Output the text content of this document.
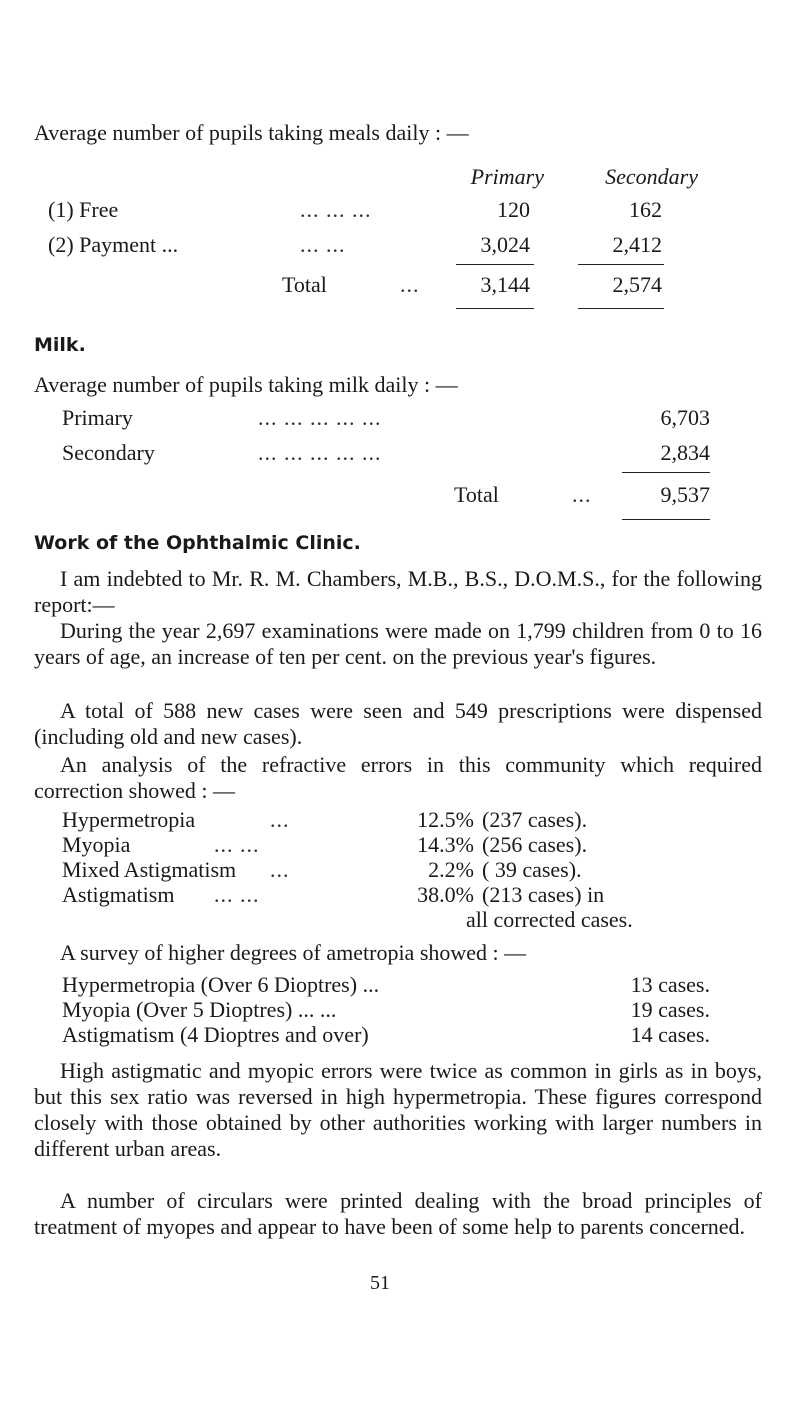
Average number of pupils taking meals daily : —
Primary	Secondary
(1) Free	... ... ...	120	162
(2) Payment ...	... ...	3,024	2,412
Total	...	3,144	2,574
Milk.
Average number of pupils taking milk daily : —
Primary	... ... ... ... ...	6,703
Secondary	... ... ... ... ...	2,834
Total	...	9,537
Work of the Ophthalmic Clinic.

I am indebted to Mr. R. M. Chambers, M.B., B.S., D.O.M.S., for the following report:—

During the year 2,697 examinations were made on 1,799 children from 0 to 16 years of age, an increase of ten per cent. on the previous year's figures.

A total of 588 new cases were seen and 549 prescriptions were dispensed (including old and new cases).

An analysis of the refractive errors in this community which required correction showed : —

Hypermetropia	...	12.5% (237 cases).
Myopia	... ...	14.3% (256 cases).
Mixed Astigmatism ...	2.2% ( 39 cases).
Astigmatism ... ...	38.0% (213 cases) in
all corrected cases.
A survey of higher degrees of ametropia showed : —
Hypermetropia (Over 6 Dioptres) ...	13 cases.
Myopia (Over 5 Dioptres) ... ...	19 cases.
Astigmatism (4 Dioptres and over)	14 cases.

High astigmatic and myopic errors were twice as common in girls as in boys, but this sex ratio was reversed in high hypermetropia. These figures correspond closely with those obtained by other authorities working with larger numbers in different urban areas.

A number of circulars were printed dealing with the broad principles of treatment of myopes and appear to have been of some help to parents concerned.

51
